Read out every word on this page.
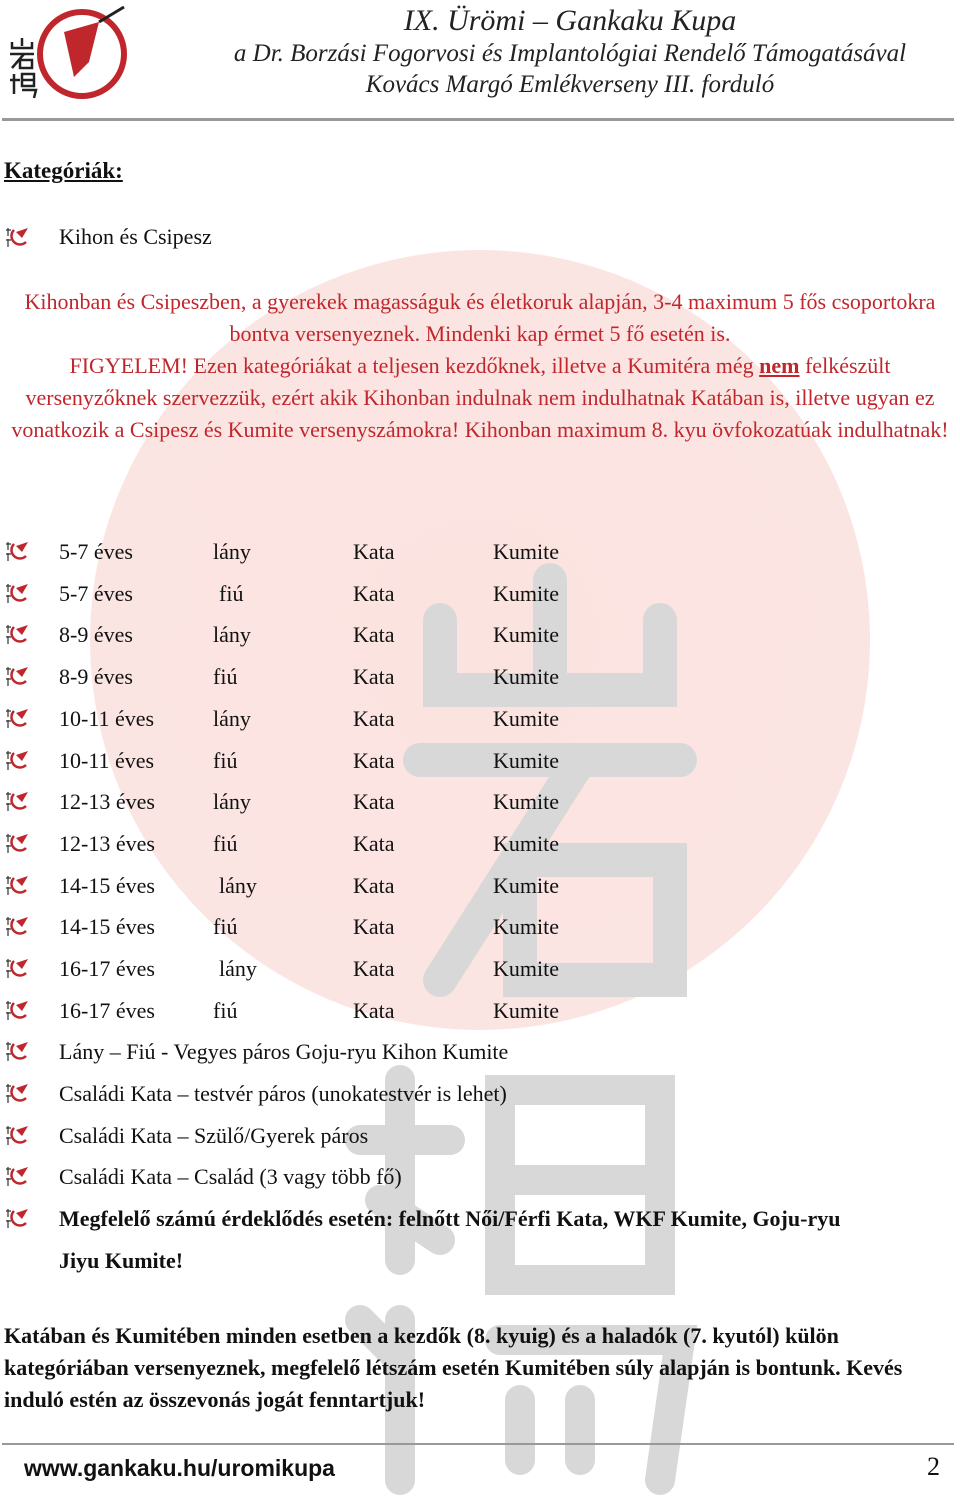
IX. Ürömi – Gankaku Kupa
a Dr. Borzási Fogorvosi és Implantológiai Rendelő Támogatásával
Kovács Margó Emlékverseny III. forduló
Kategóriák:
Kihon és Csipesz
Kihonban és Csipeszben, a gyerekek magasságuk és életkoruk alapján, 3-4 maximum 5 fős csoportokra bontva versenyeznek. Mindenki kap érmet 5 fő esetén is.
FIGYELEM! Ezen kategóriákat a teljesen kezdőknek, illetve a Kumitéra még nem felkészült versenyzőknek szervezzük, ezért akik Kihonban indulnak nem indulhatnak Katában is, illetve ugyan ez vonatkozik a Csipesz és Kumite versenyszámokra! Kihonban maximum 8. kyu övfokozatúak indulhatnak!
5-7 éves	lány	Kata	Kumite
5-7 éves	fiú	Kata	Kumite
8-9 éves	lány	Kata	Kumite
8-9 éves	fiú	Kata	Kumite
10-11 éves	lány	Kata	Kumite
10-11 éves	fiú	Kata	Kumite
12-13 éves	lány	Kata	Kumite
12-13 éves	fiú	Kata	Kumite
14-15 éves	lány	Kata	Kumite
14-15 éves	fiú	Kata	Kumite
16-17 éves	lány	Kata	Kumite
16-17 éves	fiú	Kata	Kumite
Lány – Fiú - Vegyes páros Goju-ryu Kihon Kumite
Családi Kata – testvér páros (unokatestvér is lehet)
Családi Kata – Szülő/Gyerek páros
Családi Kata – Család (3 vagy több fő)
Megfelelő számú érdeklődés esetén: felnőtt Női/Férfi Kata, WKF Kumite, Goju-ryu
Jiyu Kumite!
Katában és Kumitében minden esetben a kezdők (8. kyuig) és a haladók (7. kyutól) külön kategóriában versenyeznek, megfelelő létszám esetén Kumitében súly alapján is bontunk. Kevés induló estén az összevonás jogát fenntartjuk!
www.gankaku.hu/uromikupa	2
